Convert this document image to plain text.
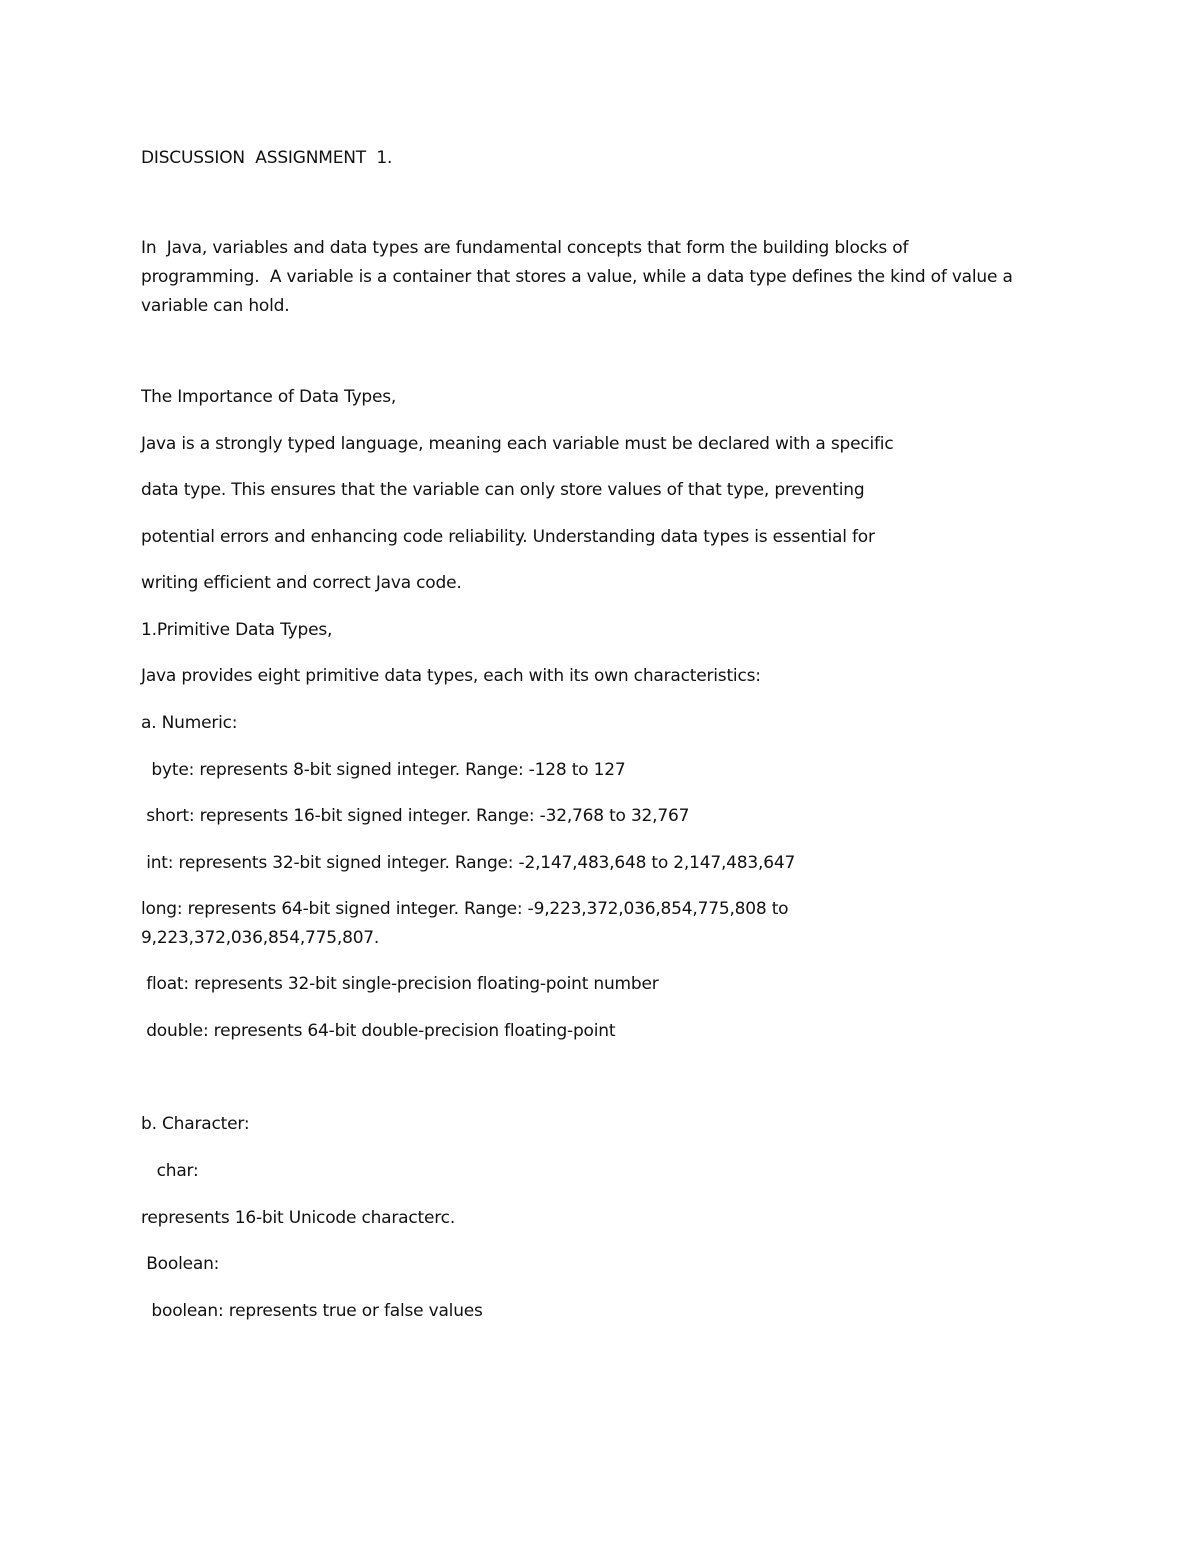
DISCUSSION  ASSIGNMENT  1.
In  Java, variables and data types are fundamental concepts that form the building blocks of
programming.  A variable is a container that stores a value, while a data type defines the kind of value a
variable can hold.
The Importance of Data Types,
Java is a strongly typed language, meaning each variable must be declared with a specific
data type. This ensures that the variable can only store values of that type, preventing
potential errors and enhancing code reliability. Understanding data types is essential for
writing efficient and correct Java code.
1.Primitive Data Types,
Java provides eight primitive data types, each with its own characteristics:
a. Numeric:
byte: represents 8-bit signed integer. Range: -128 to 127
short: represents 16-bit signed integer. Range: -32,768 to 32,767
int: represents 32-bit signed integer. Range: -2,147,483,648 to 2,147,483,647
long: represents 64-bit signed integer. Range: -9,223,372,036,854,775,808 to
9,223,372,036,854,775,807.
float: represents 32-bit single-precision floating-point number
double: represents 64-bit double-precision floating-point
b. Character:
char:
represents 16-bit Unicode characterc.
Boolean:
boolean: represents true or false values
